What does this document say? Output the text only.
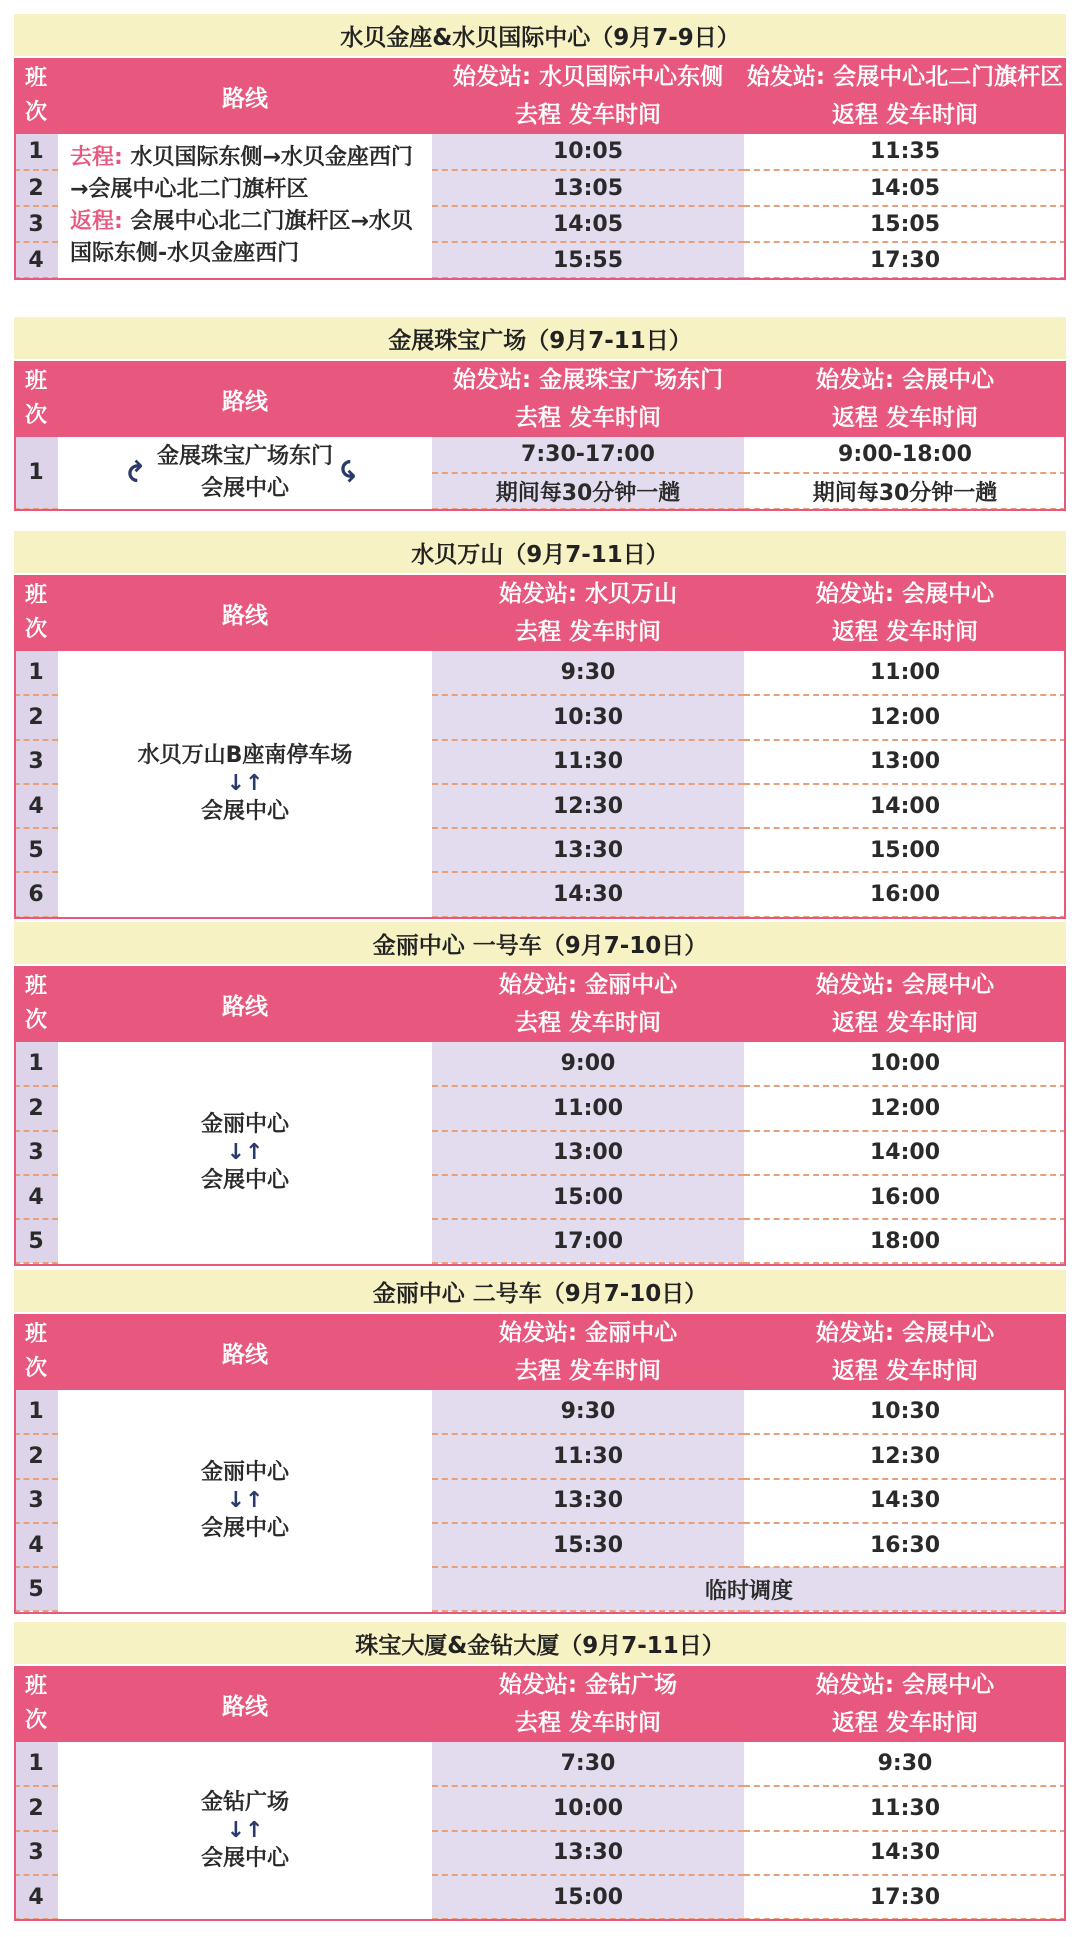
水贝金座&水贝国际中心（9月7-9日）
班
次	路线	始发站: 水贝国际中心东侧	始发站: 会展中心北二门旗杆区
		去程 发车时间	返程 发车时间
1	去程: 水贝国际东侧→水贝金座西门→会展中心北二门旗杆区
返程: 会展中心北二门旗杆区→水贝国际东侧-水贝金座西门	10:05	11:35
2		13:05	14:05
3		14:05	15:05
4		15:55	17:30
金展珠宝广场（9月7-11日）
班
次	路线	始发站: 金展珠宝广场东门	始发站: 会展中心
		去程 发车时间	返程 发车时间
1	↷
金展珠宝广场东门
会展中心
↶	7:30-17:00	9:00-18:00
		期间每30分钟一趟	期间每30分钟一趟
水贝万山（9月7-11日）
班
次	路线	始发站: 水贝万山	始发站: 会展中心
		去程 发车时间	返程 发车时间
1	水贝万山B座南停车场
↓↑
会展中心	9:30	11:00
2		10:30	12:00
3		11:30	13:00
4		12:30	14:00
5		13:30	15:00
6		14:30	16:00
金丽中心 一号车（9月7-10日）
班
次	路线	始发站: 金丽中心	始发站: 会展中心
		去程 发车时间	返程 发车时间
1	金丽中心
↓↑
会展中心	9:00	10:00
2		11:00	12:00
3		13:00	14:00
4		15:00	16:00
5		17:00	18:00
金丽中心 二号车（9月7-10日）
班
次	路线	始发站: 金丽中心	始发站: 会展中心
		去程 发车时间	返程 发车时间
1	金丽中心
↓↑
会展中心	9:30	10:30
2		11:30	12:30
3		13:30	14:30
4		15:30	16:30
5		临时调度	
珠宝大厦&金钻大厦（9月7-11日）
班
次	路线	始发站: 金钻广场	始发站: 会展中心
		去程 发车时间	返程 发车时间
1	金钻广场
↓↑
会展中心	7:30	9:30
2		10:00	11:30
3		13:30	14:30
4		15:00	17:30
